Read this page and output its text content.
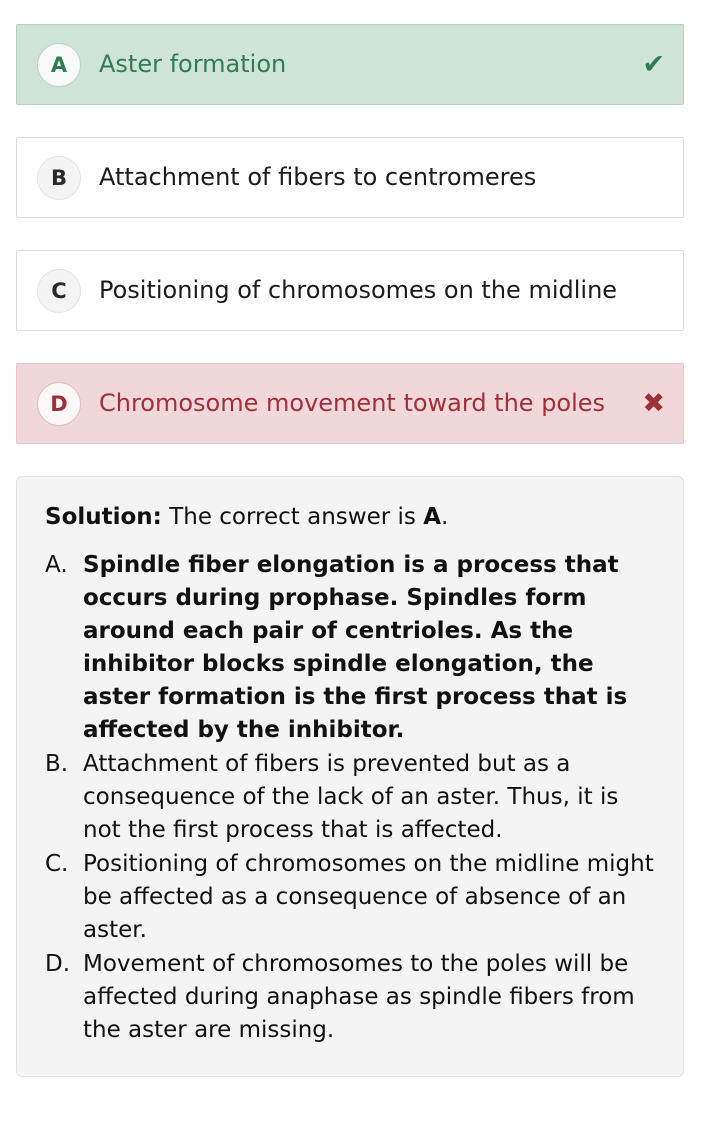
A	Aster formation	✔
B	Attachment of fibers to centromeres
C	Positioning of chromosomes on the midline
D	Chromosome movement toward the poles	✖

Solution: The correct answer is A.

A. Spindle fiber elongation is a process that occurs during prophase. Spindles form around each pair of centrioles. As the inhibitor blocks spindle elongation, the aster formation is the first process that is affected by the inhibitor.
B. Attachment of fibers is prevented but as a consequence of the lack of an aster. Thus, it is not the first process that is affected.
C. Positioning of chromosomes on the midline might be affected as a consequence of absence of an aster.
D. Movement of chromosomes to the poles will be affected during anaphase as spindle fibers from the aster are missing.
